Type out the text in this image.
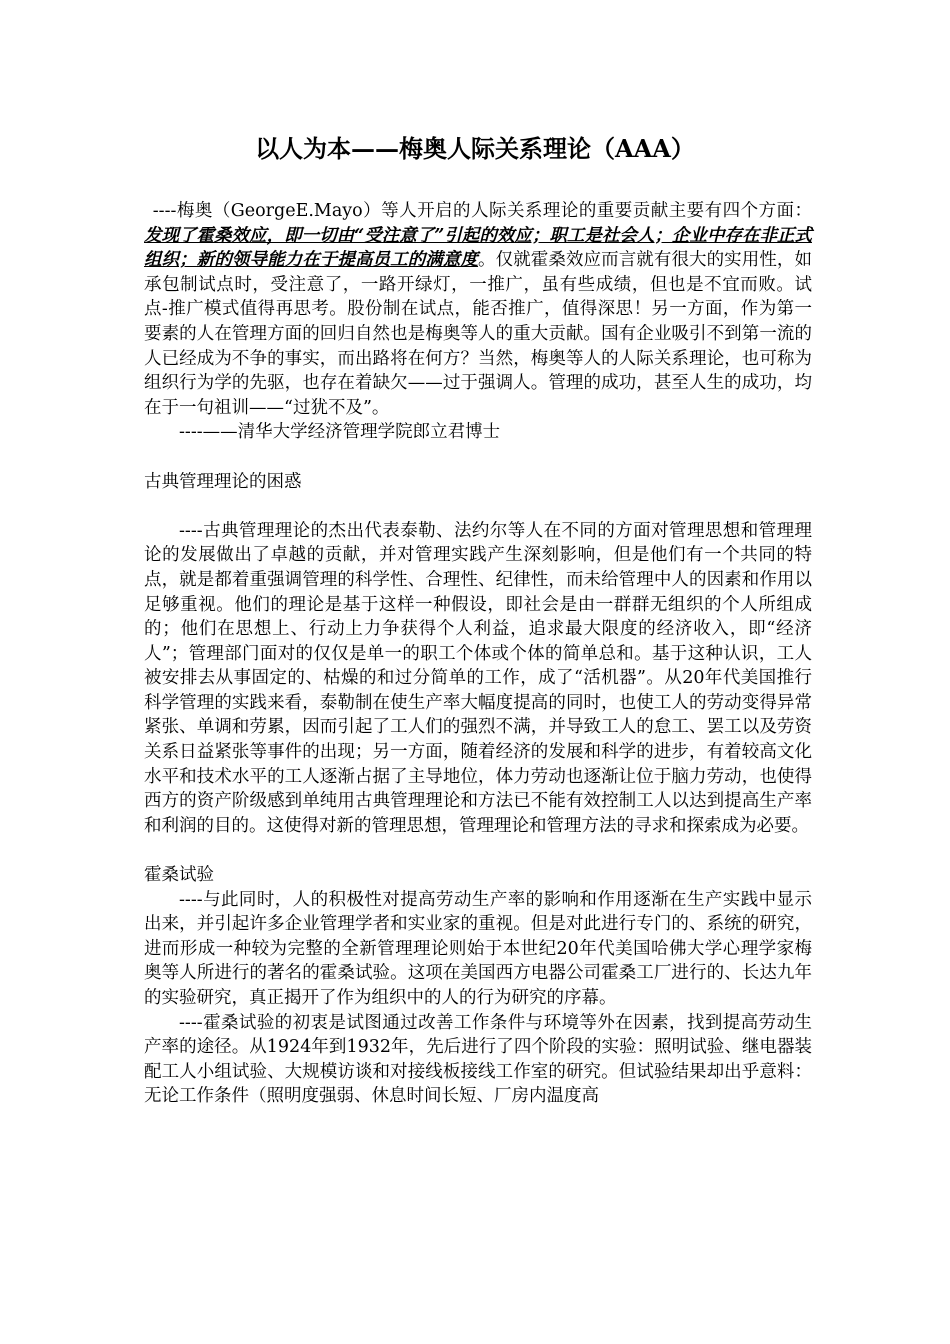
以人为本——梅奥人际关系理论（AAA）

----梅奥（GeorgeE.Mayo）等人开启的人际关系理论的重要贡献主要有四个方面：发现了霍桑效应，即一切由“受注意了”引起的效应；职工是社会人；企业中存在非正式组织；新的领导能力在于提高员工的满意度。仅就霍桑效应而言就有很大的实用性，如承包制试点时，受注意了，一路开绿灯，一推广，虽有些成绩，但也是不宜而败。试点-推广模式值得再思考。股份制在试点，能否推广，值得深思！另一方面，作为第一要素的人在管理方面的回归自然也是梅奥等人的重大贡献。国有企业吸引不到第一流的人已经成为不争的事实，而出路将在何方？当然，梅奥等人的人际关系理论，也可称为组织行为学的先驱，也存在着缺欠——过于强调人。管理的成功，甚至人生的成功，均在于一句祖训——“过犹不及”。

----——清华大学经济管理学院郎立君博士

古典管理理论的困惑

----古典管理理论的杰出代表泰勒、法约尔等人在不同的方面对管理思想和管理理论的发展做出了卓越的贡献，并对管理实践产生深刻影响，但是他们有一个共同的特点，就是都着重强调管理的科学性、合理性、纪律性，而未给管理中人的因素和作用以足够重视。他们的理论是基于这样一种假设，即社会是由一群群无组织的个人所组成的；他们在思想上、行动上力争获得个人利益，追求最大限度的经济收入，即“经济人”；管理部门面对的仅仅是单一的职工个体或个体的简单总和。基于这种认识，工人被安排去从事固定的、枯燥的和过分简单的工作，成了“活机器”。从20年代美国推行科学管理的实践来看，泰勒制在使生产率大幅度提高的同时，也使工人的劳动变得异常紧张、单调和劳累，因而引起了工人们的强烈不满，并导致工人的怠工、罢工以及劳资关系日益紧张等事件的出现；另一方面，随着经济的发展和科学的进步，有着较高文化水平和技术水平的工人逐渐占据了主导地位，体力劳动也逐渐让位于脑力劳动，也使得西方的资产阶级感到单纯用古典管理理论和方法已不能有效控制工人以达到提高生产率和利润的目的。这使得对新的管理思想，管理理论和管理方法的寻求和探索成为必要。

霍桑试验

----与此同时，人的积极性对提高劳动生产率的影响和作用逐渐在生产实践中显示出来，并引起许多企业管理学者和实业家的重视。但是对此进行专门的、系统的研究，进而形成一种较为完整的全新管理理论则始于本世纪20年代美国哈佛大学心理学家梅奥等人所进行的著名的霍桑试验。这项在美国西方电器公司霍桑工厂进行的、长达九年的实验研究，真正揭开了作为组织中的人的行为研究的序幕。

----霍桑试验的初衷是试图通过改善工作条件与环境等外在因素，找到提高劳动生产率的途径。从1924年到1932年，先后进行了四个阶段的实验：照明试验、继电器装配工人小组试验、大规模访谈和对接线板接线工作室的研究。但试验结果却出乎意料：无论工作条件（照明度强弱、休息时间长短、厂房内温度高
